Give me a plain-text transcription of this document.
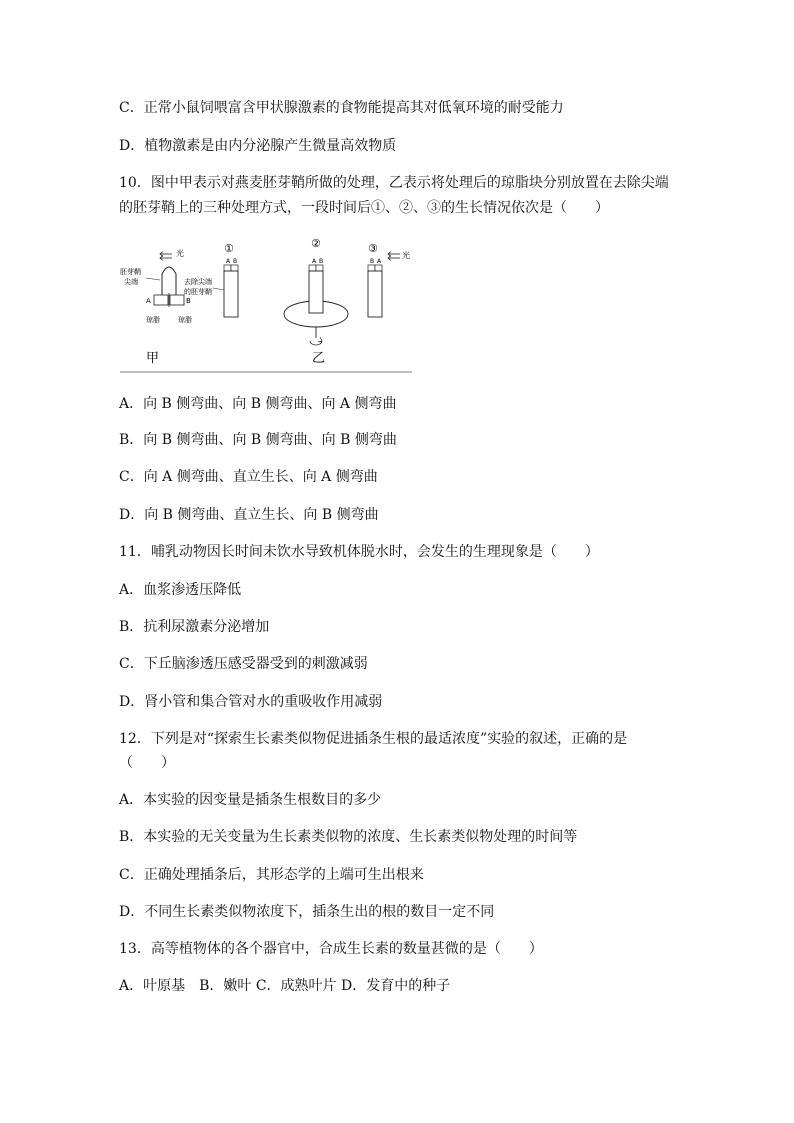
C．正常小鼠饲喂富含甲状腺激素的食物能提高其对低氧环境的耐受能力
D．植物激素是由内分泌腺产生微量高效物质
10．图中甲表示对燕麦胚芽鞘所做的处理，乙表示将处理后的琼脂块分别放置在去除尖端
的胚芽鞘上的三种处理方式，一段时间后①、②、③的生长情况依次是（　　）
光
胚芽鞘
尖端
A	B
琼脂	琼脂
甲
①
A B
去除尖端
的胚芽鞘
②
A B
乙
③
B A
光
A．向 B 侧弯曲、向 B 侧弯曲、向 A 侧弯曲
B．向 B 侧弯曲、向 B 侧弯曲、向 B 侧弯曲
C．向 A 侧弯曲、直立生长、向 A 侧弯曲
D．向 B 侧弯曲、直立生长、向 B 侧弯曲
11．哺乳动物因长时间未饮水导致机体脱水时，会发生的生理现象是（　　）
A．血浆渗透压降低
B．抗利尿激素分泌增加
C．下丘脑渗透压感受器受到的刺激减弱
D．肾小管和集合管对水的重吸收作用减弱
12．下列是对“探索生长素类似物促进插条生根的最适浓度”实验的叙述，正确的是
（　　）
A．本实验的因变量是插条生根数目的多少
B．本实验的无关变量为生长素类似物的浓度、生长素类似物处理的时间等
C．正确处理插条后，其形态学的上端可生出根来
D．不同生长素类似物浓度下，插条生出的根的数目一定不同
13．高等植物体的各个器官中，合成生长素的数量甚微的是（　　）
A．叶原基　B．嫩叶 C．成熟叶片 D．发育中的种子
